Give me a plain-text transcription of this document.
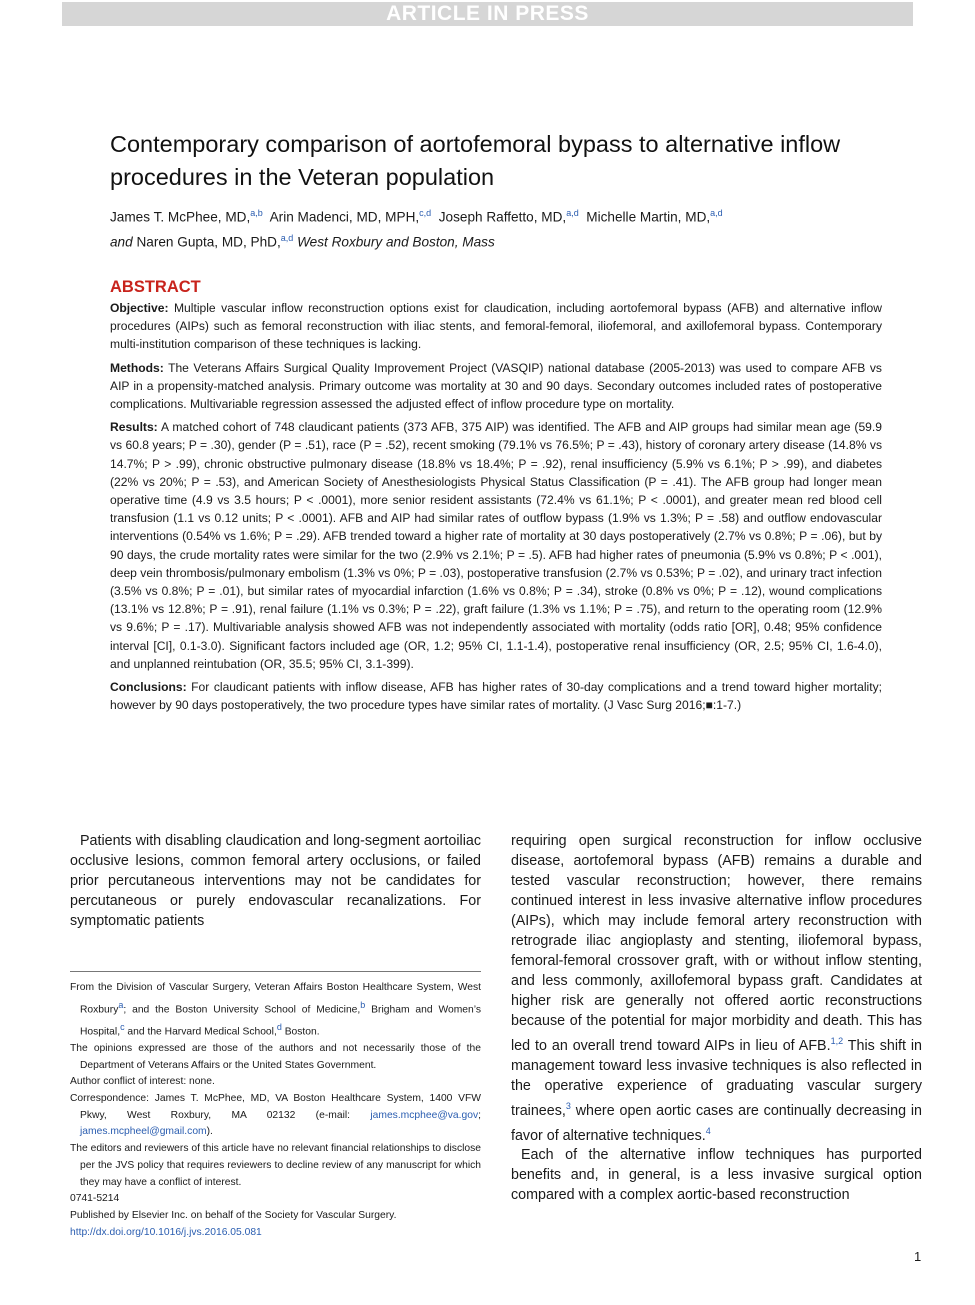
ARTICLE IN PRESS
Contemporary comparison of aortofemoral bypass to alternative inflow procedures in the Veteran population
James T. McPhee, MD,$^{a,b}$ Arin Madenci, MD, MPH,$^{c,d}$ Joseph Raffetto, MD,$^{a,d}$ Michelle Martin, MD,$^{a,d}$
and Naren Gupta, MD, PhD,$^{a,d}$ West Roxbury and Boston, Mass
ABSTRACT

Objective: Multiple vascular inflow reconstruction options exist for claudication, including aortofemoral bypass (AFB) and alternative inflow procedures (AIPs) such as femoral reconstruction with iliac stents, and femoral-femoral, iliofemoral, and axillofemoral bypass. Contemporary multi-institution comparison of these techniques is lacking.

Methods: The Veterans Affairs Surgical Quality Improvement Project (VASQIP) national database (2005-2013) was used to compare AFB vs AIP in a propensity-matched analysis. Primary outcome was mortality at 30 and 90 days. Secondary outcomes included rates of postoperative complications. Multivariable regression assessed the adjusted effect of inflow procedure type on mortality.

Results: A matched cohort of 748 claudicant patients (373 AFB, 375 AIP) was identified. The AFB and AIP groups had similar mean age (59.9 vs 60.8 years; P = .30), gender (P = .51), race (P = .52), recent smoking (79.1% vs 76.5%; P = .43), history of coronary artery disease (14.8% vs 14.7%; P > .99), chronic obstructive pulmonary disease (18.8% vs 18.4%; P = .92), renal insufficiency (5.9% vs 6.1%; P > .99), and diabetes (22% vs 20%; P = .53), and American Society of Anesthesiologists Physical Status Classification (P = .41). The AFB group had longer mean operative time (4.9 vs 3.5 hours; P < .0001), more senior resident assistants (72.4% vs 61.1%; P < .0001), and greater mean red blood cell transfusion (1.1 vs 0.12 units; P < .0001). AFB and AIP had similar rates of outflow bypass (1.9% vs 1.3%; P = .58) and outflow endovascular interventions (0.54% vs 1.6%; P = .29). AFB trended toward a higher rate of mortality at 30 days postoperatively (2.7% vs 0.8%; P = .06), but by 90 days, the crude mortality rates were similar for the two (2.9% vs 2.1%; P = .5). AFB had higher rates of pneumonia (5.9% vs 0.8%; P < .001), deep vein thrombosis/pulmonary embolism (1.3% vs 0%; P = .03), postoperative transfusion (2.7% vs 0.53%; P = .02), and urinary tract infection (3.5% vs 0.8%; P = .01), but similar rates of myocardial infarction (1.6% vs 0.8%; P = .34), stroke (0.8% vs 0%; P = .12), wound complications (13.1% vs 12.8%; P = .91), renal failure (1.1% vs 0.3%; P = .22), graft failure (1.3% vs 1.1%; P = .75), and return to the operating room (12.9% vs 9.6%; P = .17). Multivariable analysis showed AFB was not independently associated with mortality (odds ratio [OR], 0.48; 95% confidence interval [CI], 0.1-3.0). Significant factors included age (OR, 1.2; 95% CI, 1.1-1.4), postoperative renal insufficiency (OR, 2.5; 95% CI, 1.6-4.0), and unplanned reintubation (OR, 35.5; 95% CI, 3.1-399).

Conclusions: For claudicant patients with inflow disease, AFB has higher rates of 30-day complications and a trend toward higher mortality; however by 90 days postoperatively, the two procedure types have similar rates of mortality. (J Vasc Surg 2016;■:1-7.)

Patients with disabling claudication and long-segment aortoiliac occlusive lesions, common femoral artery occlusions, or failed prior percutaneous interventions may not be candidates for percutaneous or purely endovascular recanalizations. For symptomatic patients

From the Division of Vascular Surgery, Veteran Affairs Boston Healthcare System, West Roxbury$^a$; and the Boston University School of Medicine,$^b$ Brigham and Women’s Hospital,$^c$ and the Harvard Medical School,$^d$ Boston.

The opinions expressed are those of the authors and not necessarily those of the Department of Veterans Affairs or the United States Government.

Author conflict of interest: none.

Correspondence: James T. McPhee, MD, VA Boston Healthcare System, 1400 VFW Pkwy, West Roxbury, MA 02132 (e-mail: james.mcphee@va.gov; james.mcpheel@gmail.com).

The editors and reviewers of this article have no relevant financial relationships to disclose per the JVS policy that requires reviewers to decline review of any manuscript for which they may have a conflict of interest.

0741-5214

Published by Elsevier Inc. on behalf of the Society for Vascular Surgery.

http://dx.doi.org/10.1016/j.jvs.2016.05.081

requiring open surgical reconstruction for inflow occlusive disease, aortofemoral bypass (AFB) remains a durable and tested vascular reconstruction; however, there remains continued interest in less invasive alternative inflow procedures (AIPs), which may include femoral artery reconstruction with retrograde iliac angioplasty and stenting, iliofemoral bypass, femoral-femoral crossover graft, with or without inflow stenting, and less commonly, axillofemoral bypass graft. Candidates at higher risk are generally not offered aortic reconstructions because of the potential for major morbidity and death. This has led to an overall trend toward AIPs in lieu of AFB.$^{1,2}$ This shift in management toward less invasive techniques is also reflected in the operative experience of graduating vascular surgery trainees,$^3$ where open aortic cases are continually decreasing in favor of alternative techniques.$^4$

Each of the alternative inflow techniques has purported benefits and, in general, is a less invasive surgical option compared with a complex aortic-based reconstruction

1
